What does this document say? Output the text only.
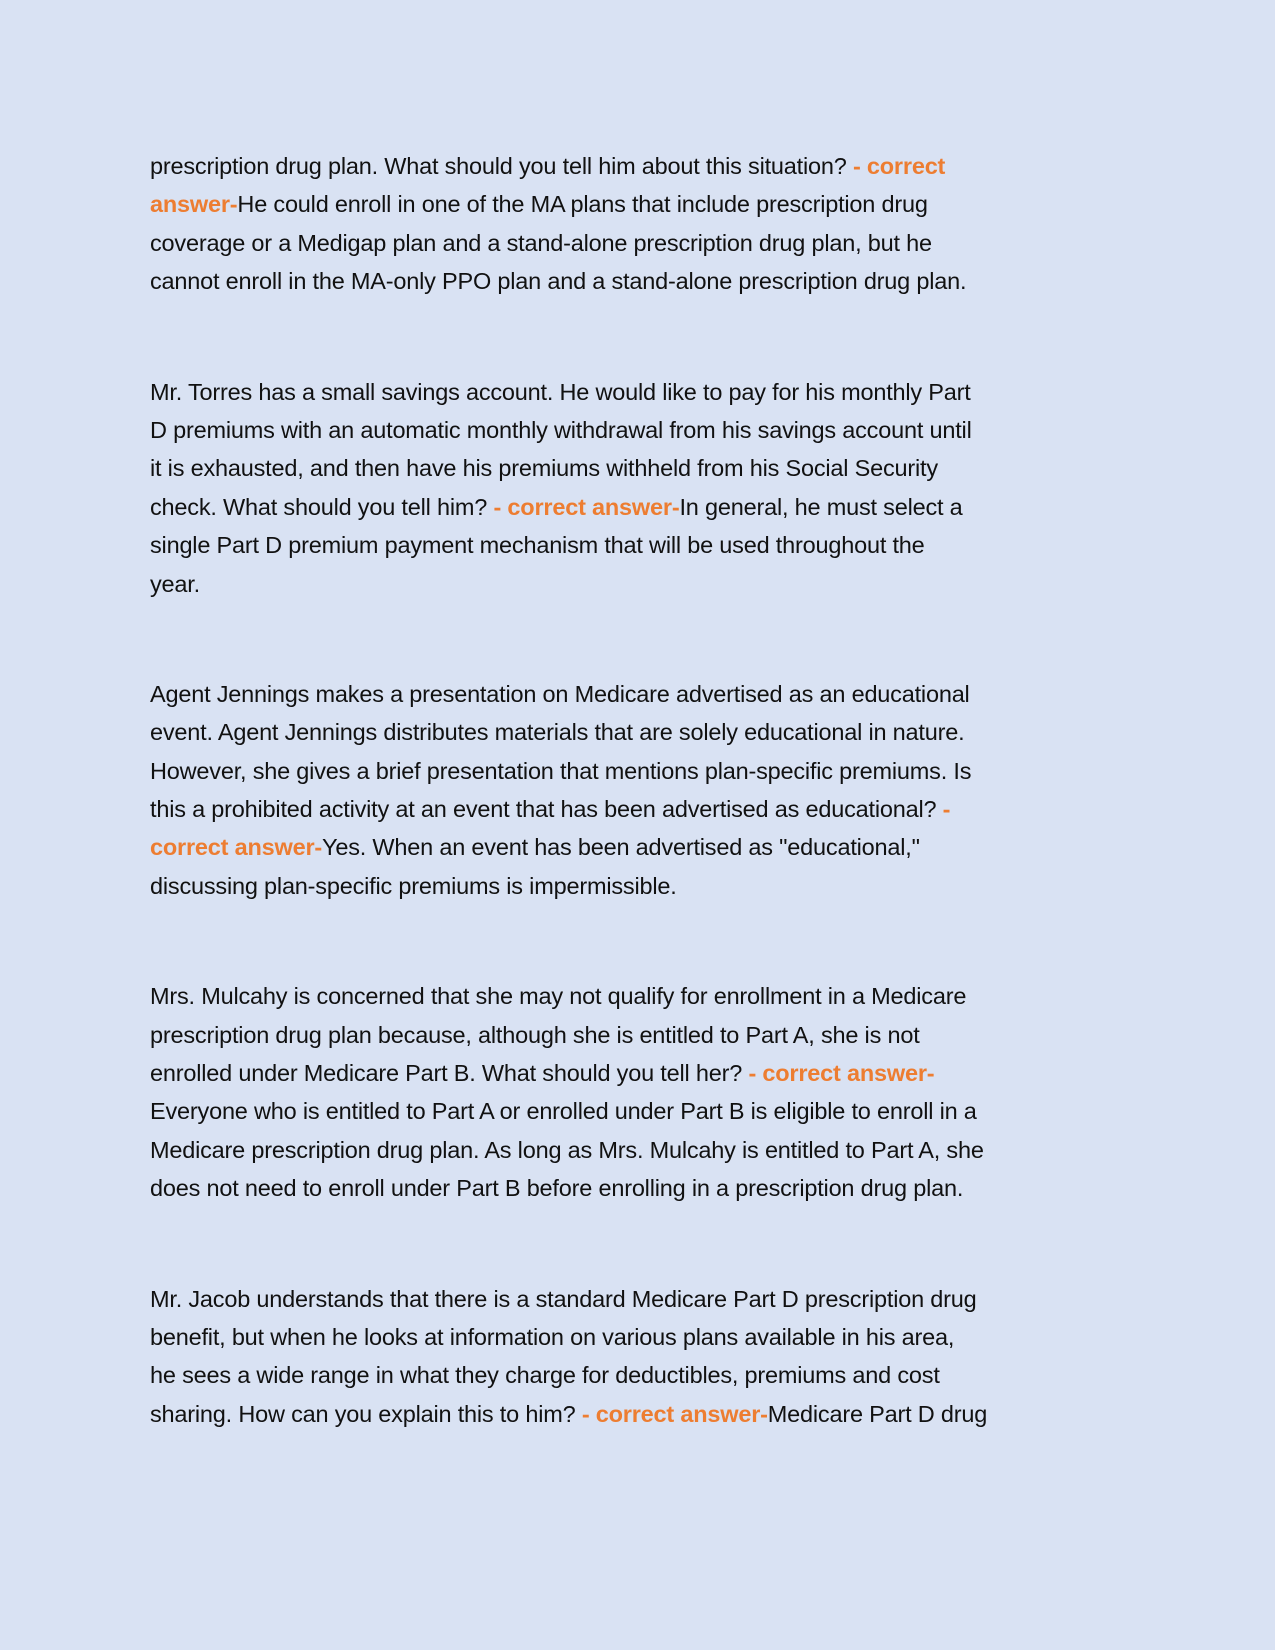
prescription drug plan. What should you tell him about this situation? - correct
answer-He could enroll in one of the MA plans that include prescription drug
coverage or a Medigap plan and a stand-alone prescription drug plan, but he
cannot enroll in the MA-only PPO plan and a stand-alone prescription drug plan.
Mr. Torres has a small savings account. He would like to pay for his monthly Part
D premiums with an automatic monthly withdrawal from his savings account until
it is exhausted, and then have his premiums withheld from his Social Security
check. What should you tell him? - correct answer-In general, he must select a
single Part D premium payment mechanism that will be used throughout the
year.
Agent Jennings makes a presentation on Medicare advertised as an educational
event. Agent Jennings distributes materials that are solely educational in nature.
However, she gives a brief presentation that mentions plan-specific premiums. Is
this a prohibited activity at an event that has been advertised as educational? -
correct answer-Yes. When an event has been advertised as "educational,"
discussing plan-specific premiums is impermissible.
Mrs. Mulcahy is concerned that she may not qualify for enrollment in a Medicare
prescription drug plan because, although she is entitled to Part A, she is not
enrolled under Medicare Part B. What should you tell her? - correct answer-
Everyone who is entitled to Part A or enrolled under Part B is eligible to enroll in a
Medicare prescription drug plan. As long as Mrs. Mulcahy is entitled to Part A, she
does not need to enroll under Part B before enrolling in a prescription drug plan.
Mr. Jacob understands that there is a standard Medicare Part D prescription drug
benefit, but when he looks at information on various plans available in his area,
he sees a wide range in what they charge for deductibles, premiums and cost
sharing. How can you explain this to him? - correct answer-Medicare Part D drug
